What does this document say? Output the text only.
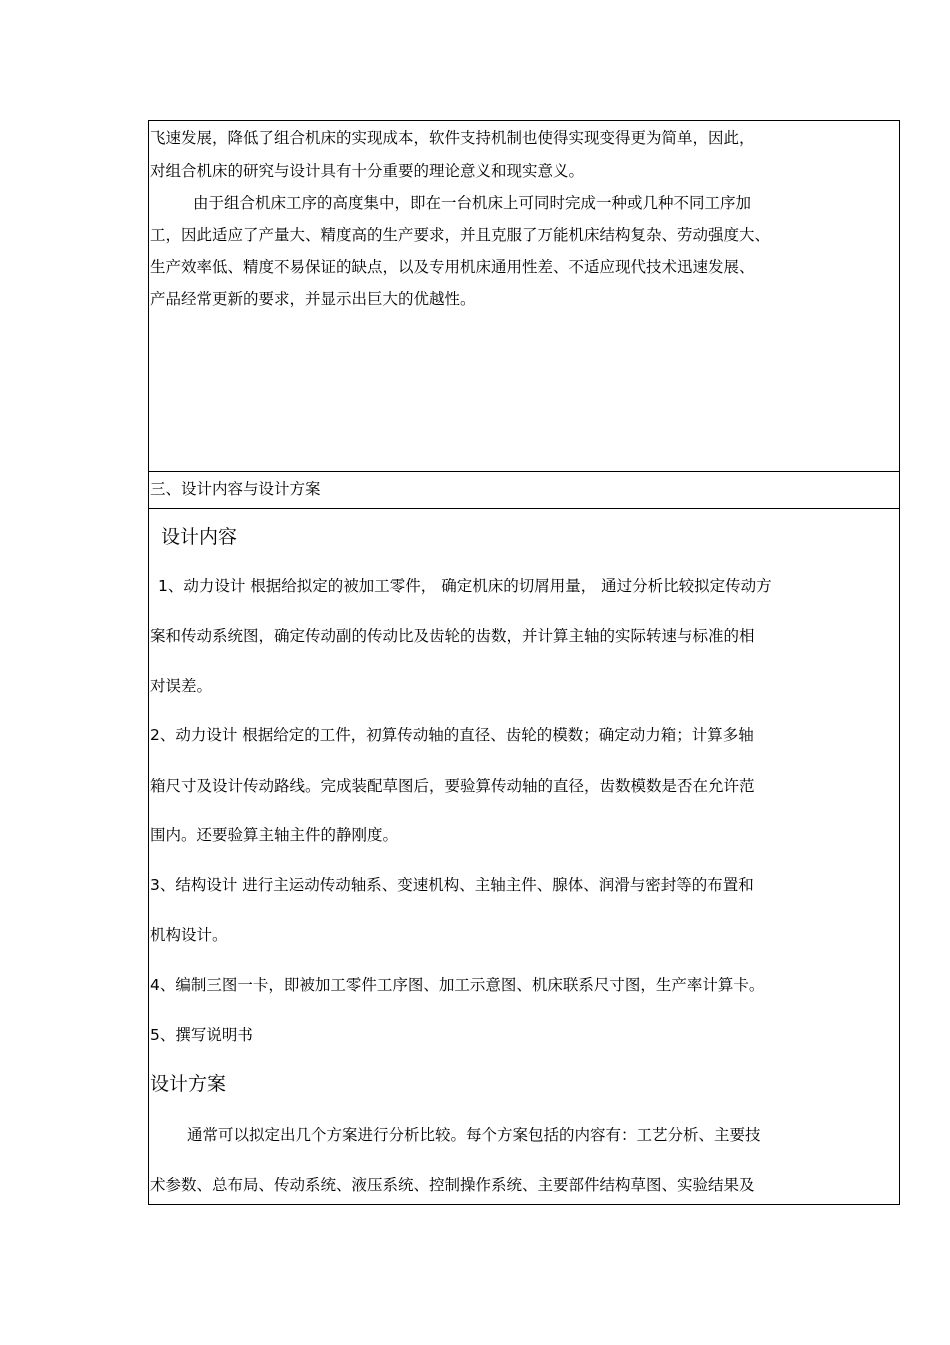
飞速发展，降低了组合机床的实现成本，软件支持机制也使得实现变得更为简单，因此，
对组合机床的研究与设计具有十分重要的理论意义和现实意义。
由于组合机床工序的高度集中，即在一台机床上可同时完成一种或几种不同工序加
工，因此适应了产量大、精度高的生产要求，并且克服了万能机床结构复杂、劳动强度大、
生产效率低、精度不易保证的缺点，以及专用机床通用性差、不适应现代技术迅速发展、
产品经常更新的要求，并显示出巨大的优越性。
三、设计内容与设计方案
设计内容
1、动力设计 根据给拟定的被加工零件， 确定机床的切屑用量， 通过分析比较拟定传动方
案和传动系统图，确定传动副的传动比及齿轮的齿数，并计算主轴的实际转速与标准的相
对误差。
2、动力设计 根据给定的工件，初算传动轴的直径、齿轮的模数；确定动力箱；计算多轴
箱尺寸及设计传动路线。完成装配草图后，要验算传动轴的直径，齿数模数是否在允许范
围内。还要验算主轴主件的静刚度。
3、结构设计 进行主运动传动轴系、变速机构、主轴主件、腺体、润滑与密封等的布置和
机构设计。
4、编制三图一卡，即被加工零件工序图、加工示意图、机床联系尺寸图，生产率计算卡。
5、撰写说明书
设计方案
通常可以拟定出几个方案进行分析比较。每个方案包括的内容有：工艺分析、主要技
术参数、总布局、传动系统、液压系统、控制操作系统、主要部件结构草图、实验结果及
